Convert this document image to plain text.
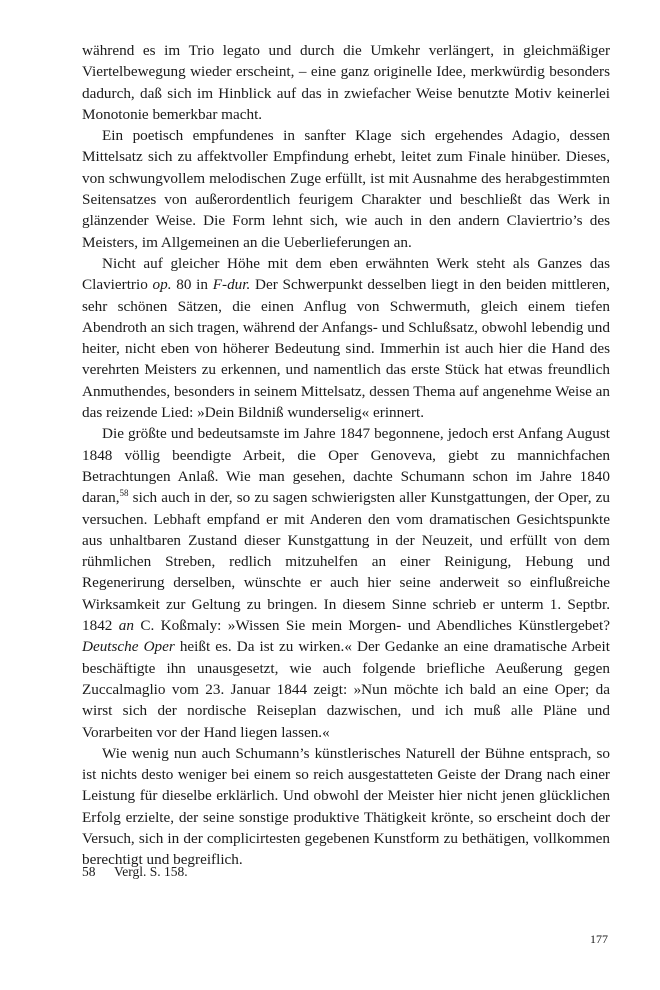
während es im Trio legato und durch die Umkehr verlängert, in gleichmäßiger Viertelbewegung wieder erscheint, – eine ganz originelle Idee, merkwürdig besonders dadurch, daß sich im Hinblick auf das in zwiefacher Weise benutzte Motiv keinerlei Monotonie bemerkbar macht.

Ein poetisch empfundenes in sanfter Klage sich ergehendes Adagio, dessen Mittelsatz sich zu affektvoller Empfindung erhebt, leitet zum Finale hinüber. Dieses, von schwungvollem melodischen Zuge erfüllt, ist mit Ausnahme des herabgestimmten Seitensatzes von außerordentlich feurigem Charakter und beschließt das Werk in glänzender Weise. Die Form lehnt sich, wie auch in den andern Claviertrio’s des Meisters, im Allgemeinen an die Ueberlieferungen an.

Nicht auf gleicher Höhe mit dem eben erwähnten Werk steht als Ganzes das Claviertrio op. 80 in F-dur. Der Schwerpunkt desselben liegt in den beiden mittleren, sehr schönen Sätzen, die einen Anflug von Schwermuth, gleich einem tiefen Abendroth an sich tragen, während der Anfangs- und Schlußsatz, obwohl lebendig und heiter, nicht eben von höherer Bedeutung sind. Immerhin ist auch hier die Hand des verehrten Meisters zu erkennen, und namentlich das erste Stück hat etwas freundlich Anmuthendes, besonders in seinem Mittelsatz, dessen Thema auf angenehme Weise an das reizende Lied: »Dein Bildniß wunderselig« erinnert.

Die größte und bedeutsamste im Jahre 1847 begonnene, jedoch erst Anfang August 1848 völlig beendigte Arbeit, die Oper Genoveva, giebt zu mannichfachen Betrachtungen Anlaß. Wie man gesehen, dachte Schumann schon im Jahre 1840 daran,$^{58}$ sich auch in der, so zu sagen schwierigsten aller Kunstgattungen, der Oper, zu versuchen. Lebhaft empfand er mit Anderen den vom dramatischen Gesichtspunkte aus unhaltbaren Zustand dieser Kunstgattung in der Neuzeit, und erfüllt von dem rühmlichen Streben, redlich mitzuhelfen an einer Reinigung, Hebung und Regenerirung derselben, wünschte er auch hier seine anderweit so einflußreiche Wirksamkeit zur Geltung zu bringen. In diesem Sinne schrieb er unterm 1. Septbr. 1842 an C. Koßmaly: »Wissen Sie mein Morgen- und Abendliches Künstlergebet? Deutsche Oper heißt es. Da ist zu wirken.« Der Gedanke an eine dramatische Arbeit beschäftigte ihn unausgesetzt, wie auch folgende briefliche Aeußerung gegen Zuccalmaglio vom 23. Januar 1844 zeigt: »Nun möchte ich bald an eine Oper; da wirst sich der nordische Reiseplan dazwischen, und ich muß alle Pläne und Vorarbeiten vor der Hand liegen lassen.«

Wie wenig nun auch Schumann’s künstlerisches Naturell der Bühne entsprach, so ist nichts desto weniger bei einem so reich ausgestatteten Geiste der Drang nach einer Leistung für dieselbe erklärlich. Und obwohl der Meister hier nicht jenen glücklichen Erfolg erzielte, der seine sonstige produktive Thätigkeit krönte, so erscheint doch der Versuch, sich in der complicirtesten gegebenen Kunstform zu bethätigen, vollkommen berechtigt und begreiflich.

58 Vergl. S. 158.
177
